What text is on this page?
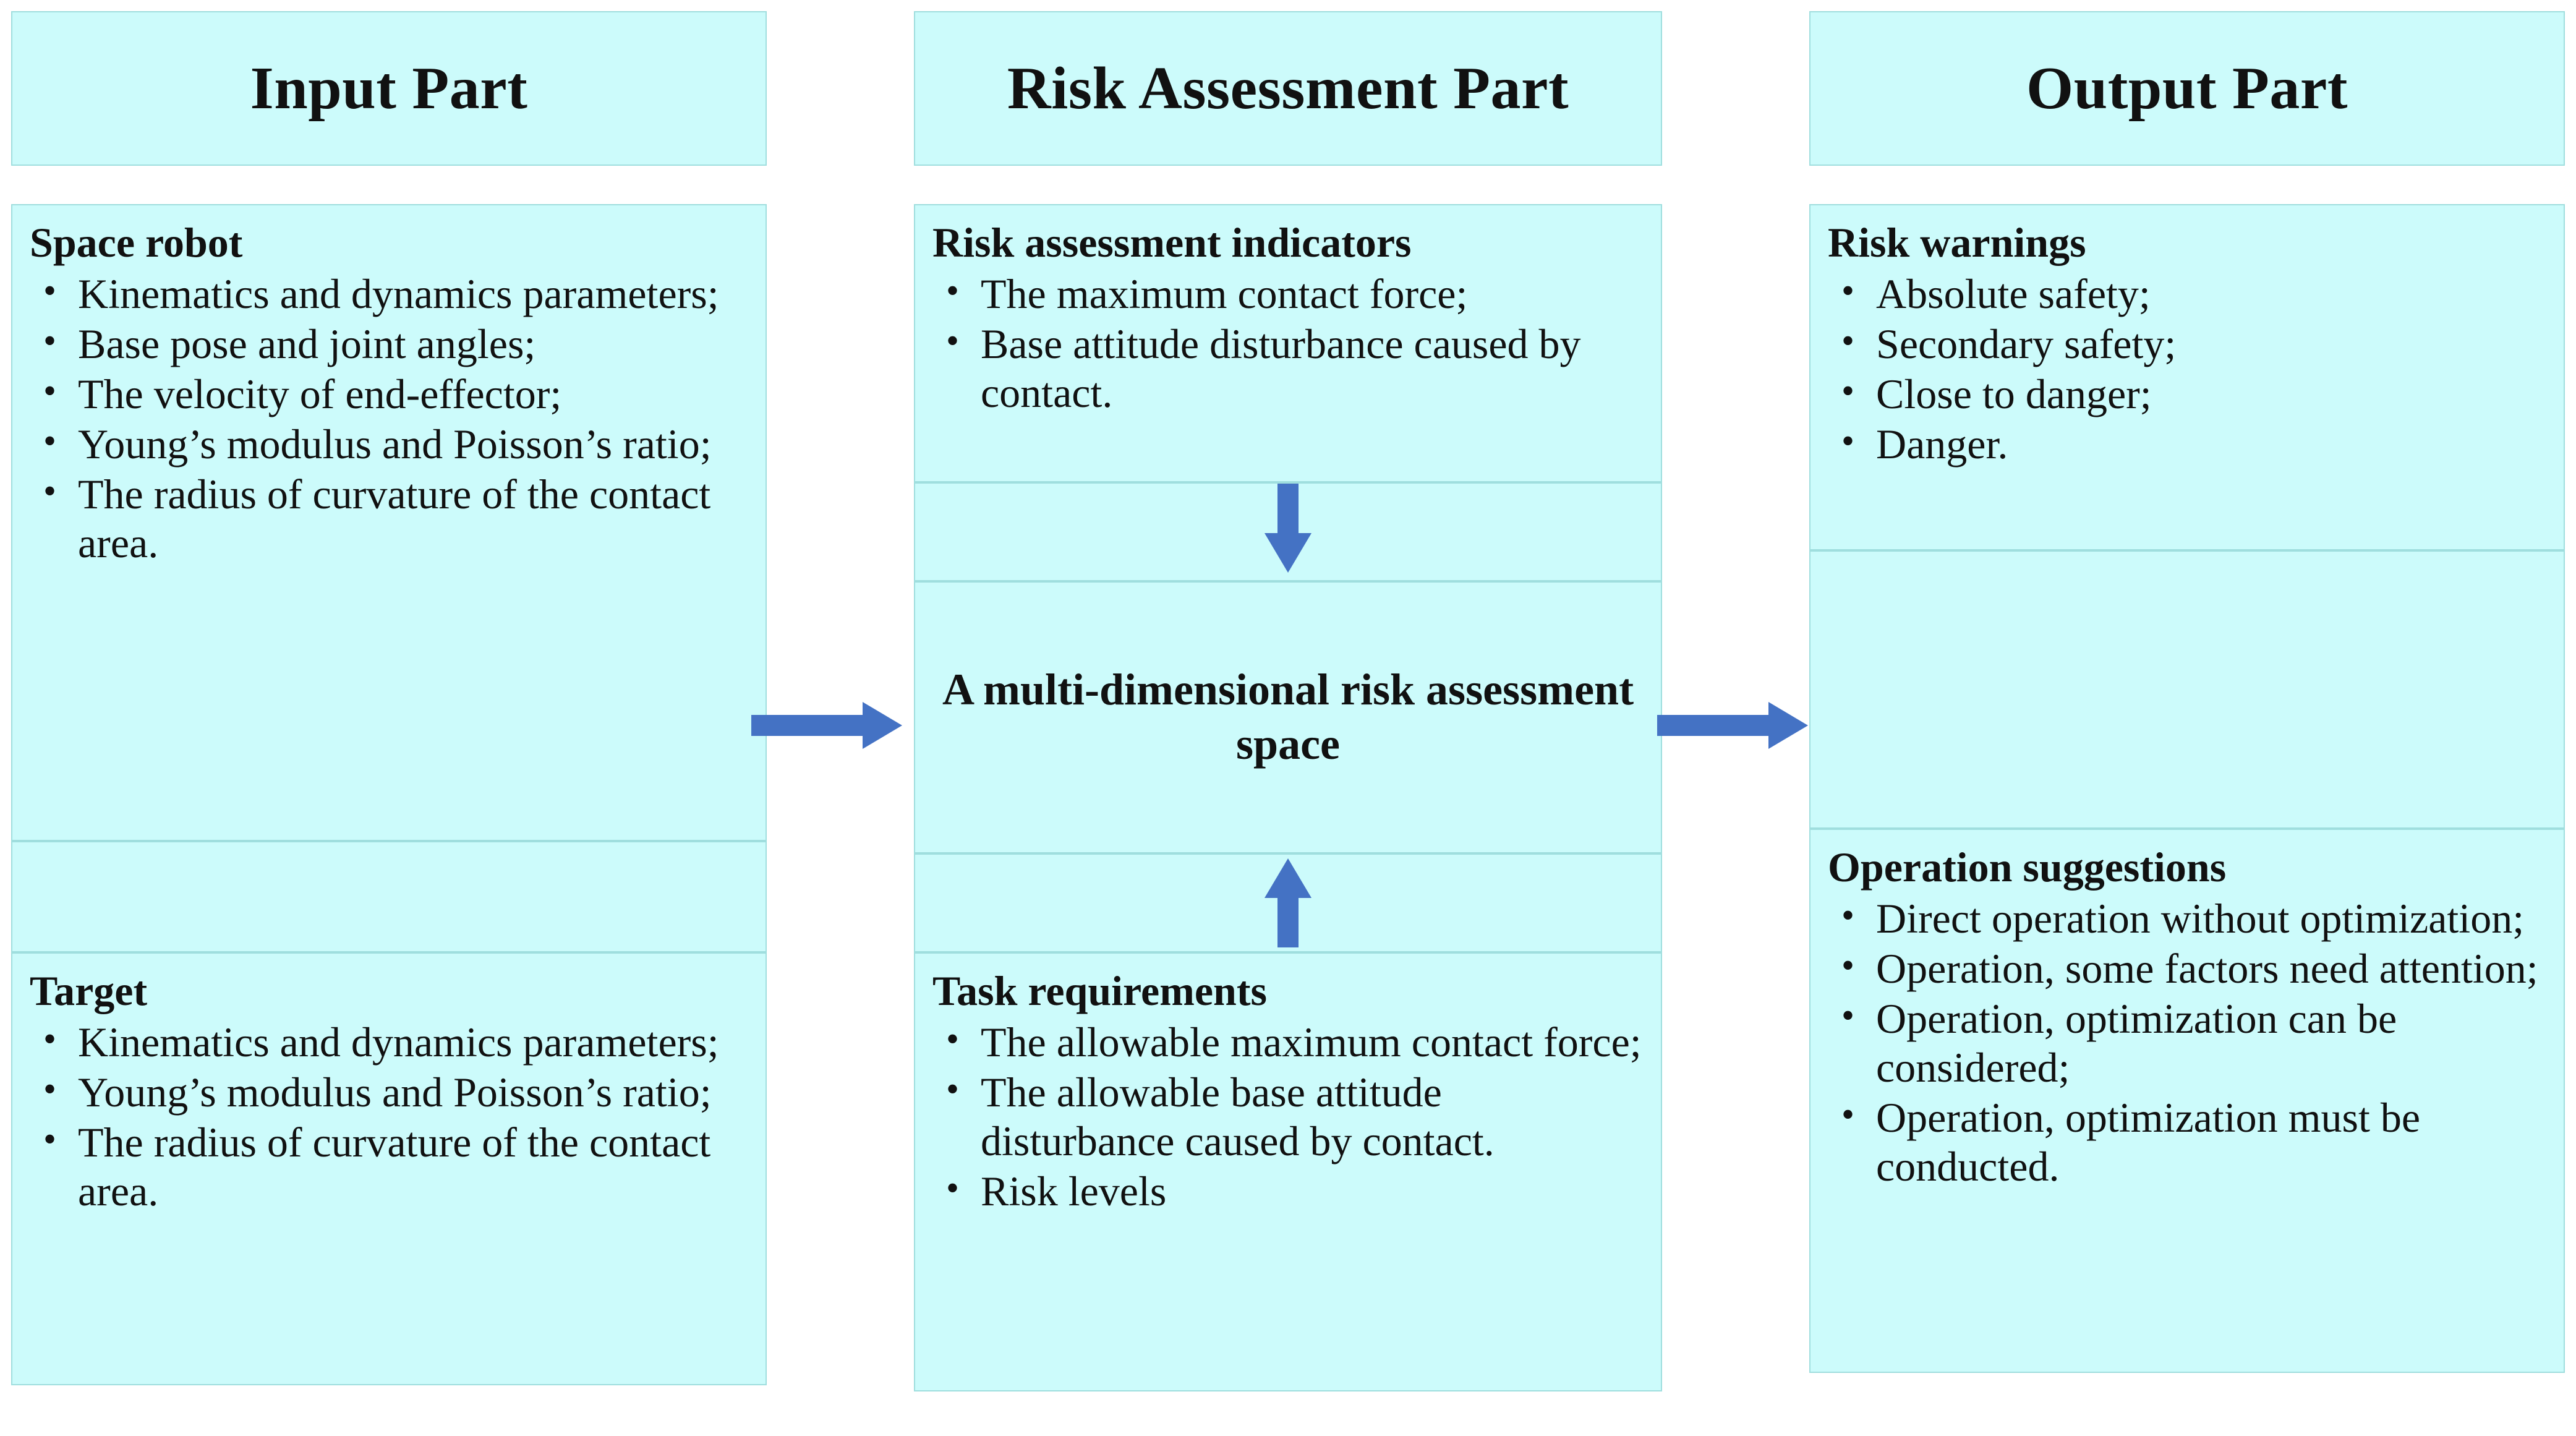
Input Part
Space robot
• Kinematics and dynamics parameters;
• Base pose and joint angles;
• The velocity of end-effector;
• Young’s modulus and Poisson’s ratio;
• The radius of curvature of the contact area.
Target
• Kinematics and dynamics parameters;
• Young’s modulus and Poisson’s ratio;
• The radius of curvature of the contact area.
Risk Assessment Part
Risk assessment indicators
• The maximum contact force;
• Base attitude disturbance caused by contact.
A multi-dimensional risk assessment space
Task requirements
• The allowable maximum contact force;
• The allowable base attitude disturbance caused by contact.
• Risk levels
Output Part
Risk warnings
• Absolute safety;
• Secondary safety;
• Close to danger;
• Danger.
Operation suggestions
• Direct operation without optimization;
• Operation, some factors need attention;
• Operation, optimization can be considered;
• Operation, optimization must be conducted.
